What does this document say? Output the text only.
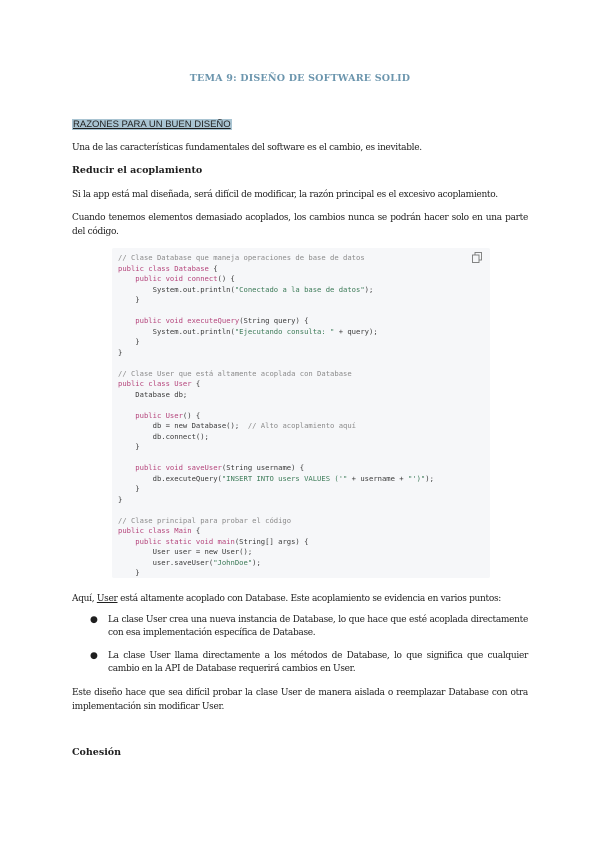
TEMA 9: DISEÑO DE SOFTWARE SOLID
RAZONES PARA UN BUEN DISEÑO
Una de las características fundamentales del software es el cambio, es inevitable.
Reducir el acoplamiento
Si la app está mal diseñada, será difícil de modificar, la razón principal es el excesivo acoplamiento.
Cuando tenemos elementos demasiado acoplados, los cambios nunca se podrán hacer solo en una parte del código.
// Clase Database que maneja operaciones de base de datos
public class Database {
public void connect() {
System.out.println("Conectado a la base de datos");
}

public void executeQuery(String query) {
System.out.println("Ejecutando consulta: " + query);
}
}

// Clase User que está altamente acoplada con Database
public class User {
Database db;

public User() {
db = new Database();  // Alto acoplamiento aquí
db.connect();
}

public void saveUser(String username) {
db.executeQuery("INSERT INTO users VALUES ('" + username + "')");
}
}

// Clase principal para probar el código
public class Main {
public static void main(String[] args) {
User user = new User();
user.saveUser("JohnDoe");
}
Aquí, User está altamente acoplado con Database. Este acoplamiento se evidencia en varios puntos:
● La clase User crea una nueva instancia de Database, lo que hace que esté acoplada directamente con esa implementación específica de Database.
● La clase User llama directamente a los métodos de Database, lo que significa que cualquier cambio en la API de Database requerirá cambios en User.
Este diseño hace que sea difícil probar la clase User de manera aislada o reemplazar Database con otra implementación sin modificar User.
Cohesión
